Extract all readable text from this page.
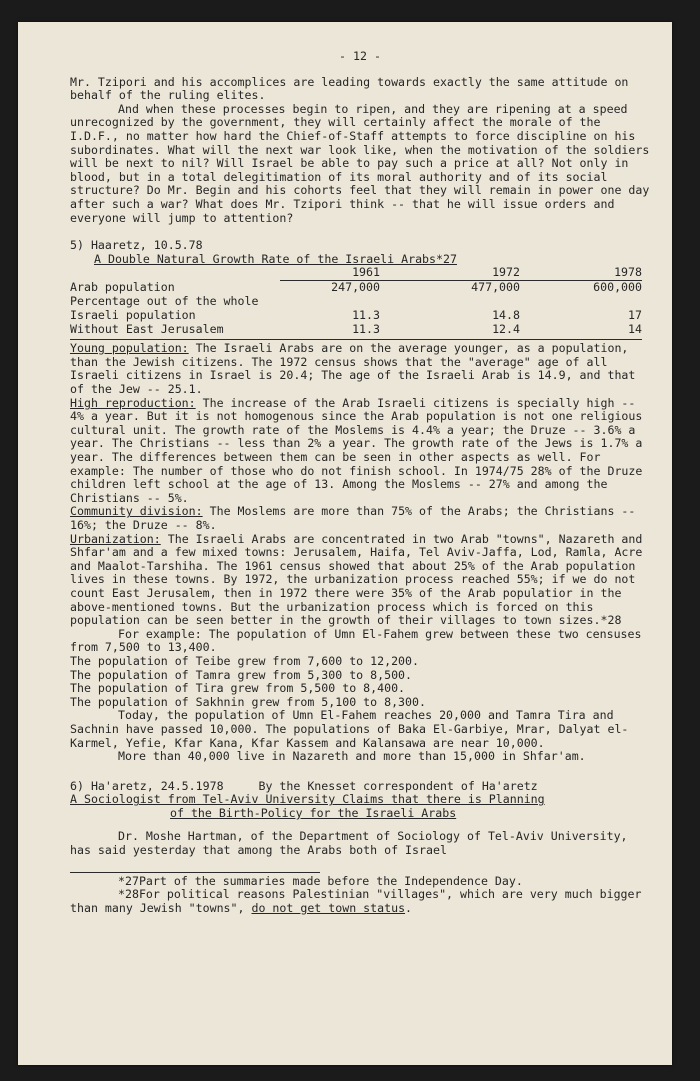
- 12 -

Mr. Tzipori and his accomplices are leading towards exactly the same attitude on behalf of the ruling elites.

And when these processes begin to ripen, and they are ripening at a speed unrecognized by the government, they will certainly affect the morale of the I.D.F., no matter how hard the Chief-of-Staff attempts to force discipline on his subordinates. What will the next war look like, when the motivation of the soldiers will be next to nil? Will Israel be able to pay such a price at all? Not only in blood, but in a total delegitimation of its moral authority and of its social structure? Do Mr. Begin and his cohorts feel that they will remain in power one day after such a war? What does Mr. Tzipori think -- that he will issue orders and everyone will jump to attention?

5) Haaretz, 10.5.78

A Double Natural Growth Rate of the Israeli Arabs*27

	1961	1972	1978
Arab population	247,000	477,000	600,000
Percentage out of the whole			
Israeli population	11.3	14.8	17
Without East Jerusalem	11.3	12.4	14

Young population: The Israeli Arabs are on the average younger, as a population, than the Jewish citizens. The 1972 census shows that the "average" age of all Israeli citizens in Israel is 20.4; The age of the Israeli Arab is 14.9, and that of the Jew -- 25.1.

High reproduction: The increase of the Arab Israeli citizens is specially high -- 4% a year. But it is not homogenous since the Arab population is not one religious cultural unit. The growth rate of the Moslems is 4.4% a year; the Druze -- 3.6% a year. The Christians -- less than 2% a year. The growth rate of the Jews is 1.7% a year. The differences between them can be seen in other aspects as well. For example: The number of those who do not finish school. In 1974/75 28% of the Druze children left school at the age of 13. Among the Moslems -- 27% and among the Christians -- 5%.

Community division: The Moslems are more than 75% of the Arabs; the Christians -- 16%; the Druze -- 8%.

Urbanization: The Israeli Arabs are concentrated in two Arab "towns", Nazareth and Shfar'am and a few mixed towns: Jerusalem, Haifa, Tel Aviv-Jaffa, Lod, Ramla, Acre and Maalot-Tarshiha. The 1961 census showed that about 25% of the Arab population lives in these towns. By 1972, the urbanization process reached 55%; if we do not count East Jerusalem, then in 1972 there were 35% of the Arab populatior in the above-mentioned towns. But the urbanization process which is forced on this population can be seen better in the growth of their villages to town sizes.*28

For example: The population of Umn El-Fahem grew between these two censuses from 7,500 to 13,400.

The population of Teibe grew from 7,600 to 12,200.

The population of Tamra grew from 5,300 to 8,500.

The population of Tira grew from 5,500 to 8,400.

The population of Sakhnin grew from 5,100 to 8,300.

Today, the population of Umn El-Fahem reaches 20,000 and Tamra Tira and Sachnin have passed 10,000. The populations of Baka El-Garbiye, Mrar, Dalyat el-Karmel, Yefie, Kfar Kana, Kfar Kassem and Kalansawa are near 10,000.

More than 40,000 live in Nazareth and more than 15,000 in Shfar'am.

6) Ha'aretz, 24.5.1978     By the Knesset correspondent of Ha'aretz

A Sociologist from Tel-Aviv University Claims that there is Planning

of the Birth-Policy for the Israeli Arabs

Dr. Moshe Hartman, of the Department of Sociology of Tel-Aviv University, has said yesterday that among the Arabs both of Israel

*27Part of the summaries made before the Independence Day.

*28For political reasons Palestinian "villages", which are very much bigger than many Jewish "towns", do not get town status.
